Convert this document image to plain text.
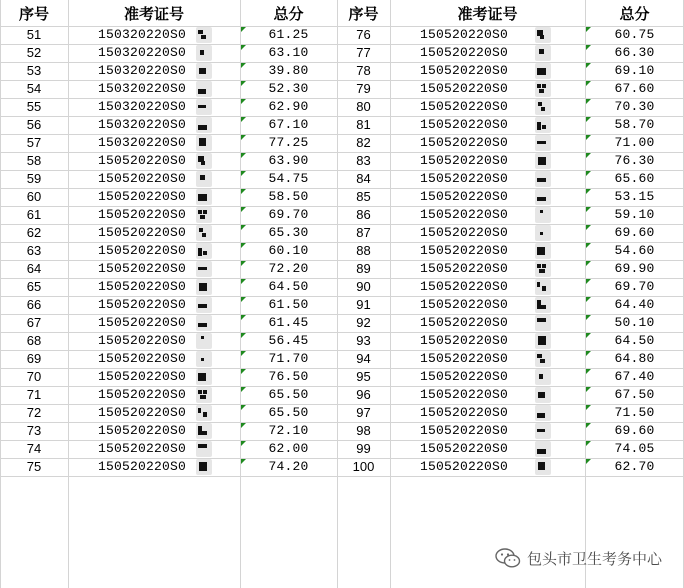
序号	准考证号	总分	序号	准考证号	总分
51	150320220S0	61.25
52	150320220S0	63.10
53	150320220S0	39.80
54	150320220S0	52.30
55	150320220S0	62.90
56	150320220S0	67.10
57	150320220S0	77.25
58	150520220S0	63.90
59	150520220S0	54.75
60	150520220S0	58.50
61	150520220S0	69.70
62	150520220S0	65.30
63	150520220S0	60.10
64	150520220S0	72.20
65	150520220S0	64.50
66	150520220S0	61.50
67	150520220S0	61.45
68	150520220S0	56.45
69	150520220S0	71.70
70	150520220S0	76.50
71	150520220S0	65.50
72	150520220S0	65.50
73	150520220S0	72.10
74	150520220S0	62.00
75	150520220S0	74.20
76	150520220S0	60.75
77	150520220S0	66.30
78	150520220S0	69.10
79	150520220S0	67.60
80	150520220S0	70.30
81	150520220S0	58.70
82	150520220S0	71.00
83	150520220S0	76.30
84	150520220S0	65.60
85	150520220S0	53.15
86	150520220S0	59.10
87	150520220S0	69.60
88	150520220S0	54.60
89	150520220S0	69.90
90	150520220S0	69.70
91	150520220S0	64.40
92	150520220S0	50.10
93	150520220S0	64.50
94	150520220S0	64.80
95	150520220S0	67.40
96	150520220S0	67.50
97	150520220S0	71.50
98	150520220S0	69.60
99	150520220S0	74.05
100	150520220S0	62.70
包头市卫生考务中心
